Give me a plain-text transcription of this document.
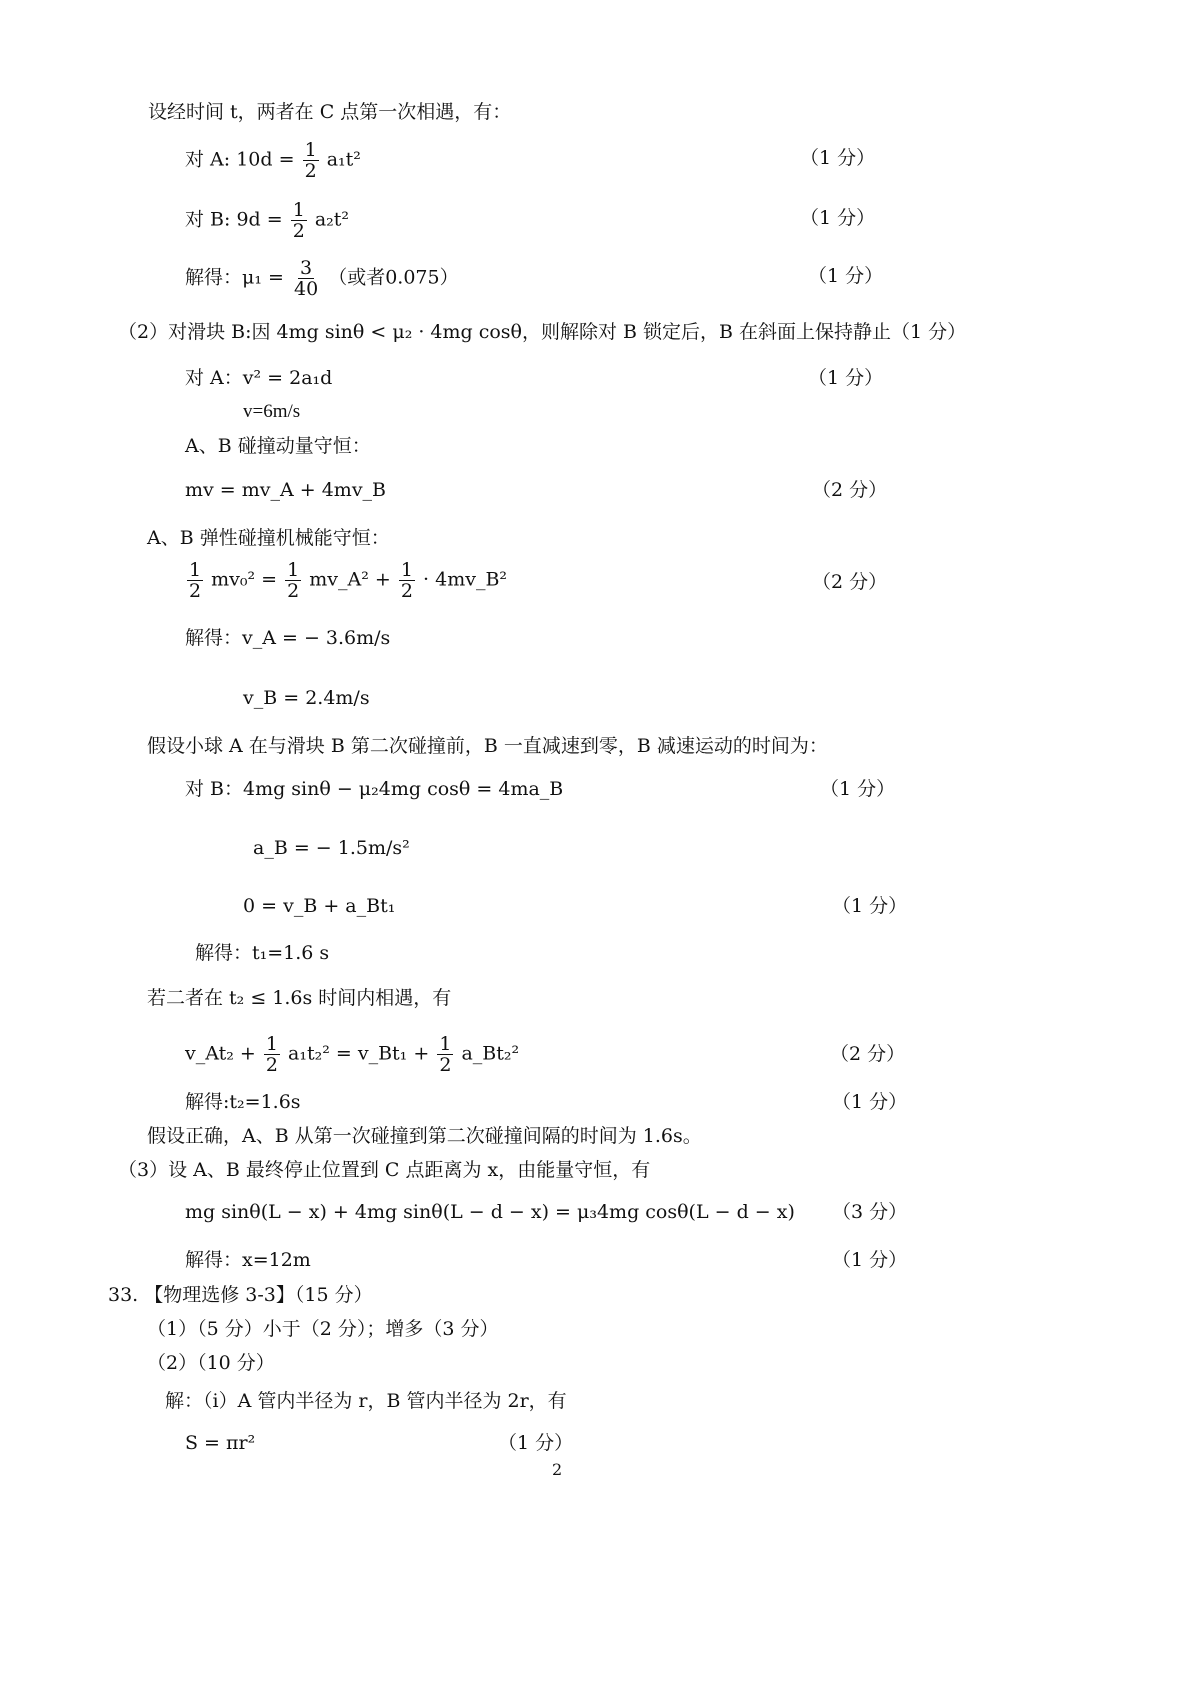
设经时间 t，两者在 C 点第一次相遇，有：
对 A: $10d = \frac{1}{2} a_1t^2$	（1 分）
对 B: $9d = \frac{1}{2} a_2t^2$	（1 分）
解得：$\mu_1 = \frac{3}{40}$ （或者0.075）	（1 分）
（2）对滑块 B:因 4mg sinθ < μ₂ · 4mg cosθ，则解除对 B 锁定后，B 在斜面上保持静止（1 分）
对 A：v² = 2a₁d	（1 分）
v=6m/s
A、B 碰撞动量守恒：
mv = mv_A + 4mv_B	（2 分）
A、B 弹性碰撞机械能守恒：
$\frac{1}{2} mv_0^2 = \frac{1}{2}$ mv_A² + $\frac{1}{2}$ · 4mv_B²	（2 分）
解得：v_A = − 3.6m/s
v_B = 2.4m/s
假设小球 A 在与滑块 B 第二次碰撞前，B 一直减速到零，B 减速运动的时间为：
对 B：4mg sinθ − μ₂4mg cosθ = 4ma_B	（1 分）
a_B = − 1.5m/s²
0 = v_B + a_Bt₁	（1 分）
解得：t₁=1.6 s
若二者在 t₂ ≤ 1.6s 时间内相遇，有
v_At₂ + $\frac{1}{2} a_1t_2^2$ = v_Bt₁ + $\frac{1}{2}$ a_Bt₂²	（2 分）
解得:t₂=1.6s	（1 分）
假设正确，A、B 从第一次碰撞到第二次碰撞间隔的时间为 1.6s。
（3）设 A、B 最终停止位置到 C 点距离为 x，由能量守恒，有
mg sinθ(L − x) + 4mg sinθ(L − d − x) = μ₃4mg cosθ(L − d − x) （3 分）
解得：x=12m	（1 分）
33. 【物理选修 3-3】（15 分）
（1）（5 分）小于（2 分）；增多（3 分）
（2）（10 分）
解：（i）A 管内半径为 r，B 管内半径为 2r，有
S = πr²	（1 分）
2
